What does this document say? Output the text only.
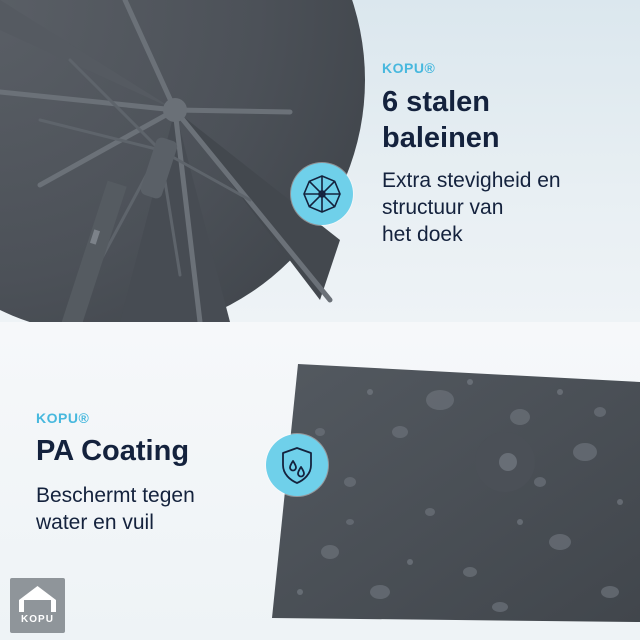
KOPU®
6 stalen
baleinen
Extra stevigheid en
structuur van
het doek
KOPU®
PA Coating
Beschermt tegen
water en vuil
KOPU
